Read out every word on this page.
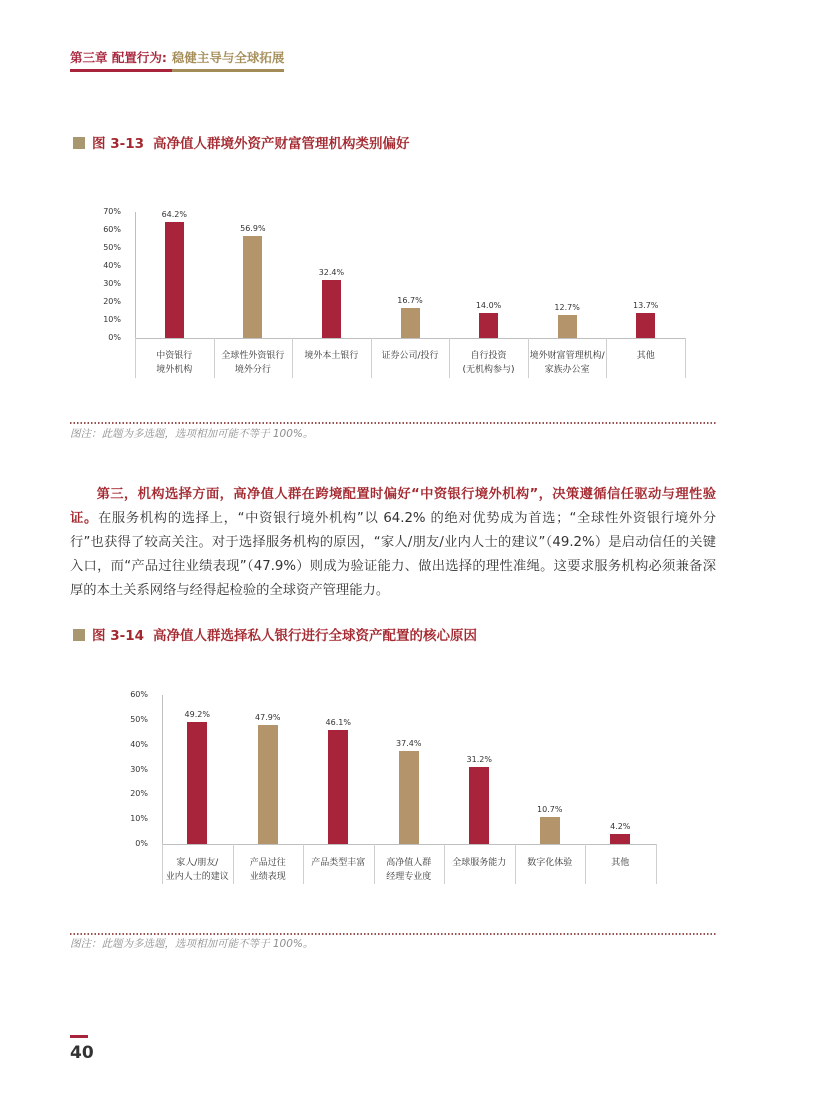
第三章 配置行为: 稳健主导与全球拓展
图 3-13 高净值人群境外资产财富管理机构类别偏好
0%
10%
20%
30%
40%
50%
60%
70%	64.2%
中资银行
境外机构
56.9%
全球性外资银行
境外分行
32.4%
境外本土银行
16.7%
证券公司/投行
14.0%
自行投资
(无机构参与)
12.7%
境外财富管理机构/
家族办公室
13.7%
其他
图注：此题为多选题，选项相加可能不等于 100%。

第三，机构选择方面，高净值人群在跨境配置时偏好“中资银行境外机构”，决策遵循信任驱动与理性验证。在服务机构的选择上，“中资银行境外机构”以 64.2% 的绝对优势成为首选；“全球性外资银行境外分行”也获得了较高关注。对于选择服务机构的原因，“家人/朋友/业内人士的建议”（49.2%）是启动信任的关键入口，而“产品过往业绩表现”（47.9%）则成为验证能力、做出选择的理性准绳。这要求服务机构必须兼备深厚的本土关系网络与经得起检验的全球资产管理能力。

图 3-14 高净值人群选择私人银行进行全球资产配置的核心原因
0%
10%
20%
30%
40%
50%
60%
49.2%
家人/朋友/
业内人士的建议
47.9%
产品过往
业绩表现
46.1%
产品类型丰富
37.4%
高净值人群
经理专业度
31.2%
全球服务能力
10.7%
数字化体验
4.2%
其他
图注：此题为多选题，选项相加可能不等于 100%。
40
